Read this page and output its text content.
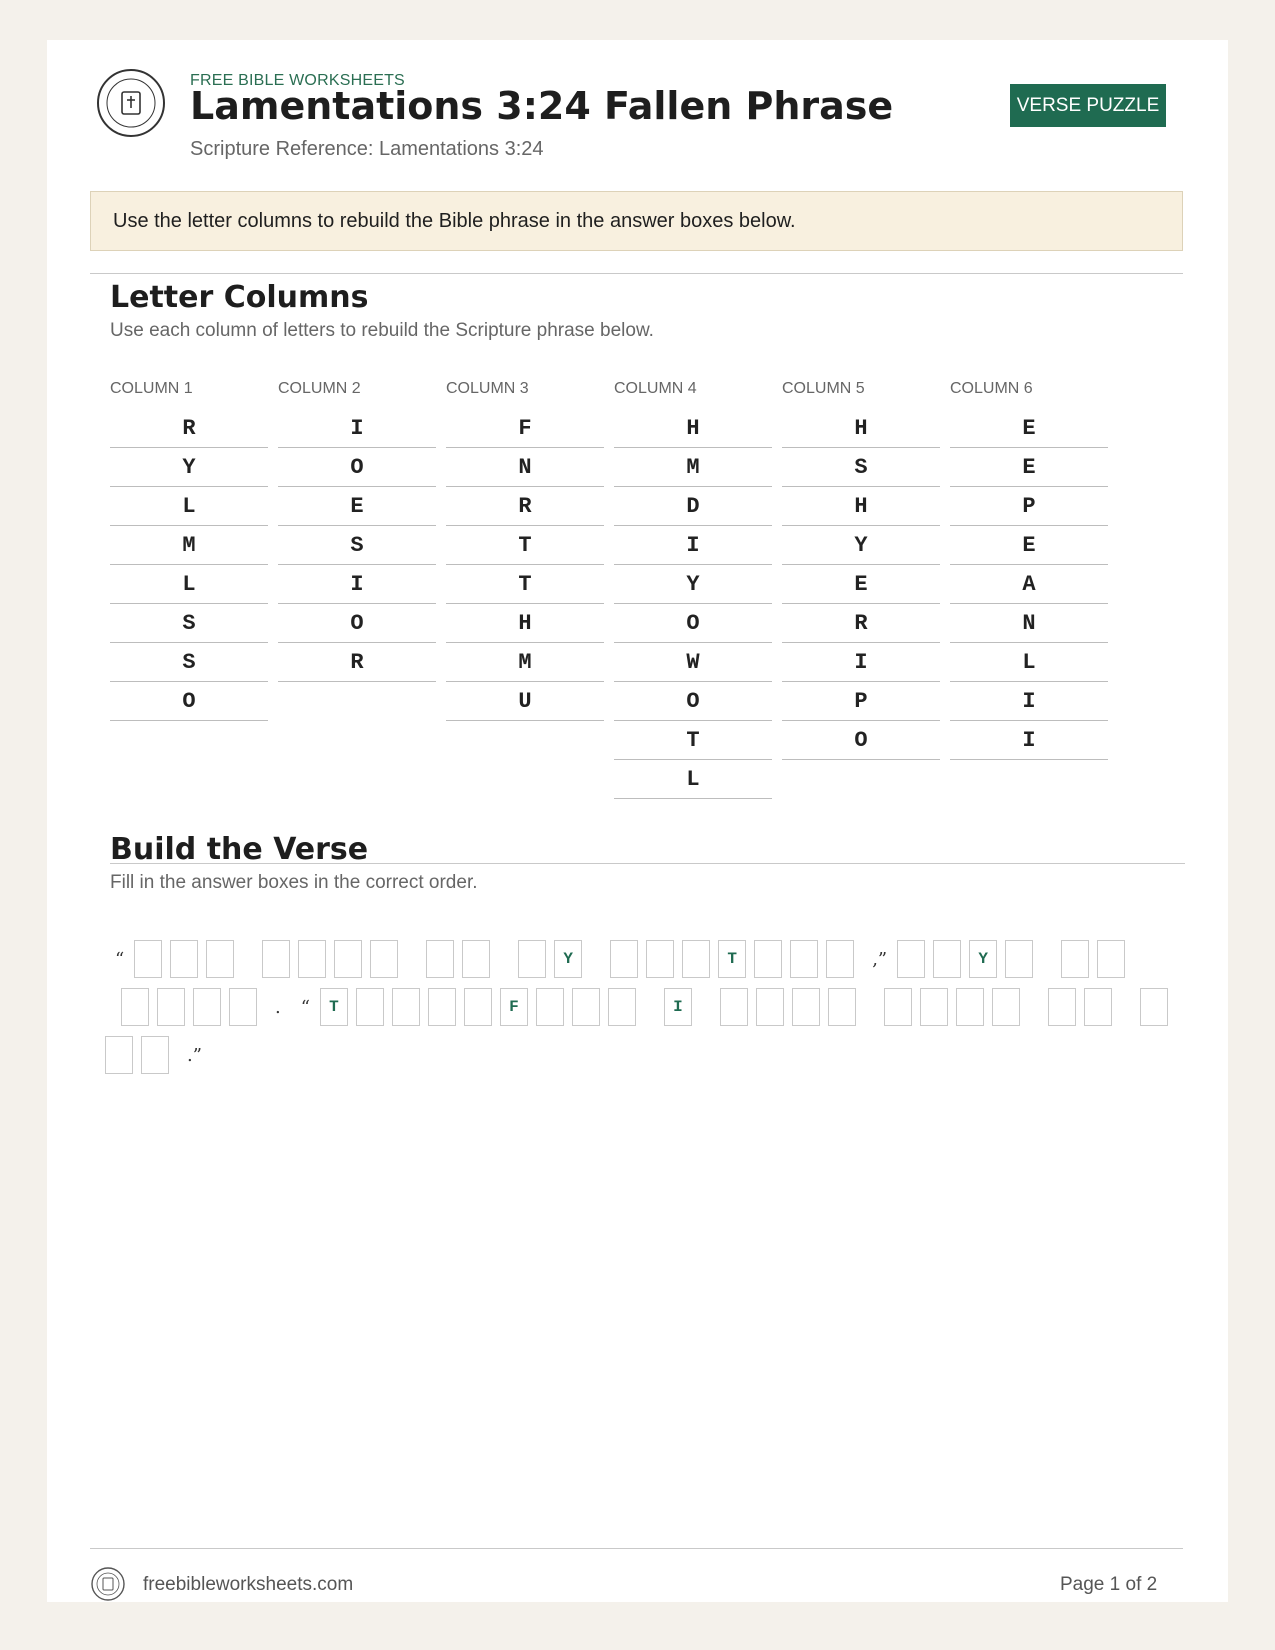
FREE BIBLE WORKSHEETS
Lamentations 3:24 Fallen Phrase
Scripture Reference: Lamentations 3:24
VERSE PUZZLE
Use the letter columns to rebuild the Bible phrase in the answer boxes below.
Letter Columns
Use each column of letters to rebuild the Scripture phrase below.
COLUMN 1
R
Y
L
M
L
S
S
O
COLUMN 2
I
O
E
S
I
O
R
COLUMN 3
F
N
R
T
T
H
M
U
COLUMN 4
H
M
D
I
Y
O
W
O
T
L
COLUMN 5
H
S
H
Y
E
R
I
P
O
COLUMN 6
E
E
P
E
A
N
L
I
I
Build the Verse
Fill in the answer boxes in the correct order.
“	Y	T	,”	Y
.	“	T	F	I
.”
freebibleworksheets.com	Page 1 of 2
